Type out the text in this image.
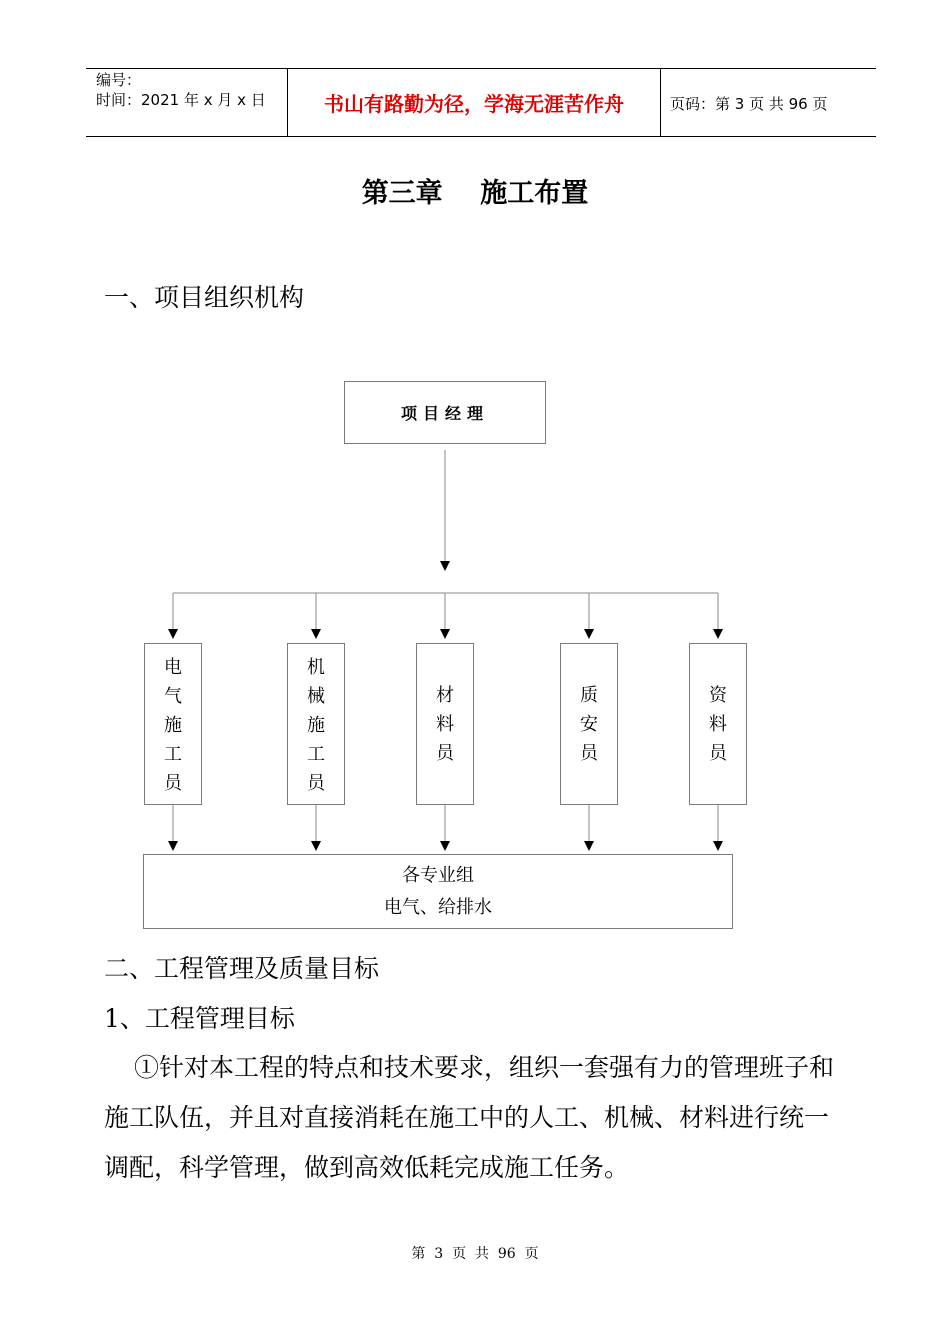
编号：
时间：2021 年 x 月 x 日	书山有路勤为径，学海无涯苦作舟	页码：第 3 页 共 96 页
第三章    施工布置
一、项目组织机构
项目经理
电
气
施
工
员
机
械
施
工
员
材
料
员
质
安
员
资
料
员
各专业组
电气、给排水
二、工程管理及质量目标
1、工程管理目标
①针对本工程的特点和技术要求，组织一套强有力的管理班子和
施工队伍，并且对直接消耗在施工中的人工、机械、材料进行统一
调配，科学管理，做到高效低耗完成施工任务。
第  3  页  共  96  页
